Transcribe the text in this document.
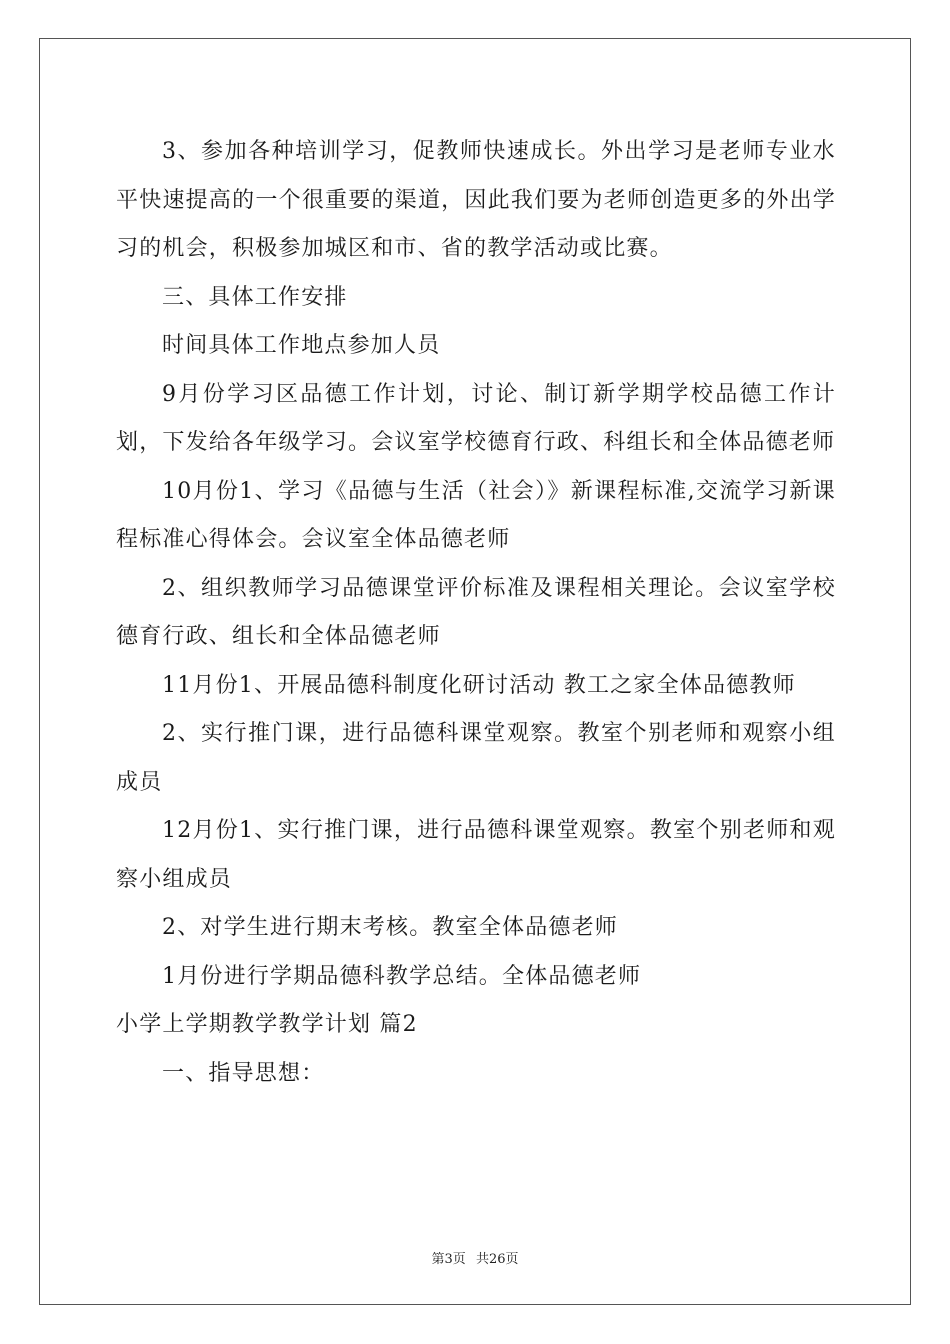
3、参加各种培训学习，促教师快速成长。外出学习是老师专业水平快速提高的一个很重要的渠道，因此我们要为老师创造更多的外出学习的机会，积极参加城区和市、省的教学活动或比赛。

三、具体工作安排

时间具体工作地点参加人员

9月份学习区品德工作计划，讨论、制订新学期学校品德工作计划，下发给各年级学习。会议室学校德育行政、科组长和全体品德老师

10月份1、学习《品德与生活（社会）》新课程标准,交流学习新课程标准心得体会。会议室全体品德老师

2、组织教师学习品德课堂评价标准及课程相关理论。会议室学校德育行政、组长和全体品德老师

11月份1、开展品德科制度化研讨活动 教工之家全体品德教师

2、实行推门课，进行品德科课堂观察。教室个别老师和观察小组成员

12月份1、实行推门课，进行品德科课堂观察。教室个别老师和观察小组成员

2、对学生进行期末考核。教室全体品德老师

1月份进行学期品德科教学总结。全体品德老师

小学上学期教学教学计划 篇2

一、指导思想：

第3页 共26页
